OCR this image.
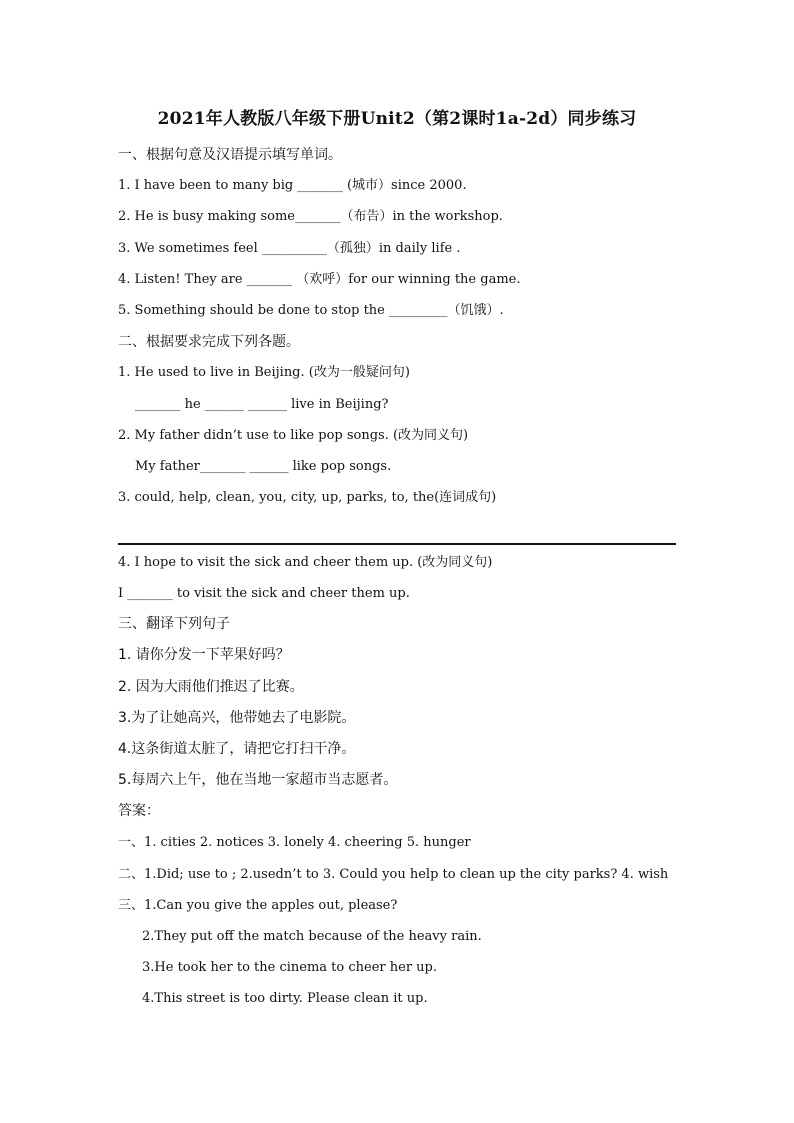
2021年人教版八年级下册Unit2（第2课时1a-2d）同步练习
一、根据句意及汉语提示填写单词。
1. I have been to many big _______ (城市）since 2000.
2. He is busy making some_______（布告）in the workshop.
3. We sometimes feel __________（孤独）in daily life .
4. Listen! They are _______ （欢呼）for our winning the game.
5. Something should be done to stop the _________（饥饿）.
二、根据要求完成下列各题。
1. He used to live in Beijing. (改为一般疑问句)
_______ he ______ ______ live in Beijing?
2. My father didn’t use to like pop songs. (改为同义句)
My father_______ ______ like pop songs.
3. could, help, clean, you, city, up, parks, to, the(连词成句)
4. I hope to visit the sick and cheer them up. (改为同义句)
I _______ to visit the sick and cheer them up.
三、翻译下列句子
1. 请你分发一下苹果好吗？
2. 因为大雨他们推迟了比赛。
3.为了让她高兴，他带她去了电影院。
4.这条街道太脏了，请把它打扫干净。
5.每周六上午，他在当地一家超市当志愿者。
答案：
一、1. cities 2. notices 3. lonely 4. cheering 5. hunger
二、1.Did; use to ; 2.usedn’t to 3. Could you help to clean up the city parks? 4. wish
三、1.Can you give the apples out, please?
2.They put off the match because of the heavy rain.
3.He took her to the cinema to cheer her up.
4.This street is too dirty. Please clean it up.
